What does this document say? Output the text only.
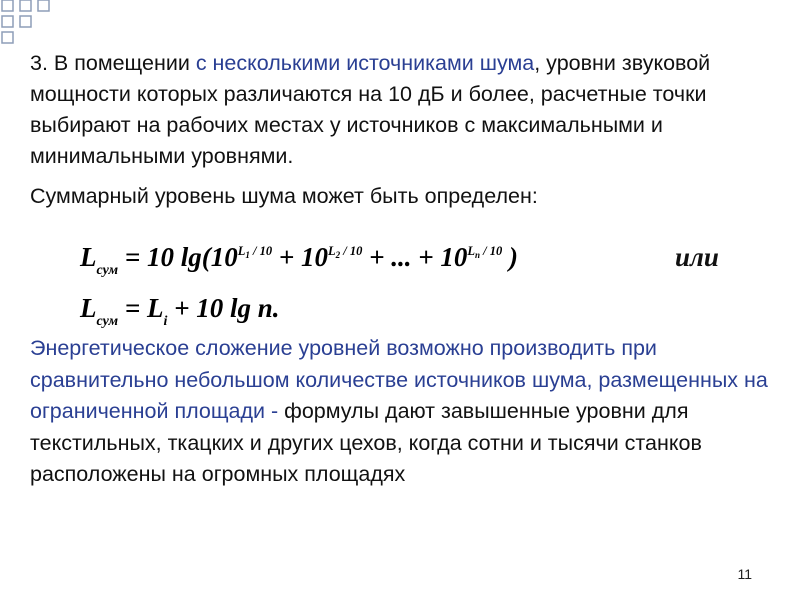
3. В помещении с несколькими источниками шума, уровни звуковой мощности которых различаются на 10 дБ и более, расчетные точки выбирают на рабочих местах у источников с максимальными и минимальными уровнями.

Суммарный уровень шума может быть определен:

$L_{сум} = 10$ $\lg(10^{L_1 / 10} + 10^{L_2 / 10}$ + ... + $10^{L_n / 10}$ )	или
$L_{сум} = L_i + 10$ lg n.

Энергетическое сложение уровней возможно производить при сравнительно небольшом количестве источников шума, размещенных на ограниченной площади - формулы дают завышенные уровни для текстильных, ткацких и других цехов, когда сотни и тысячи станков расположены на огромных площадях

11
